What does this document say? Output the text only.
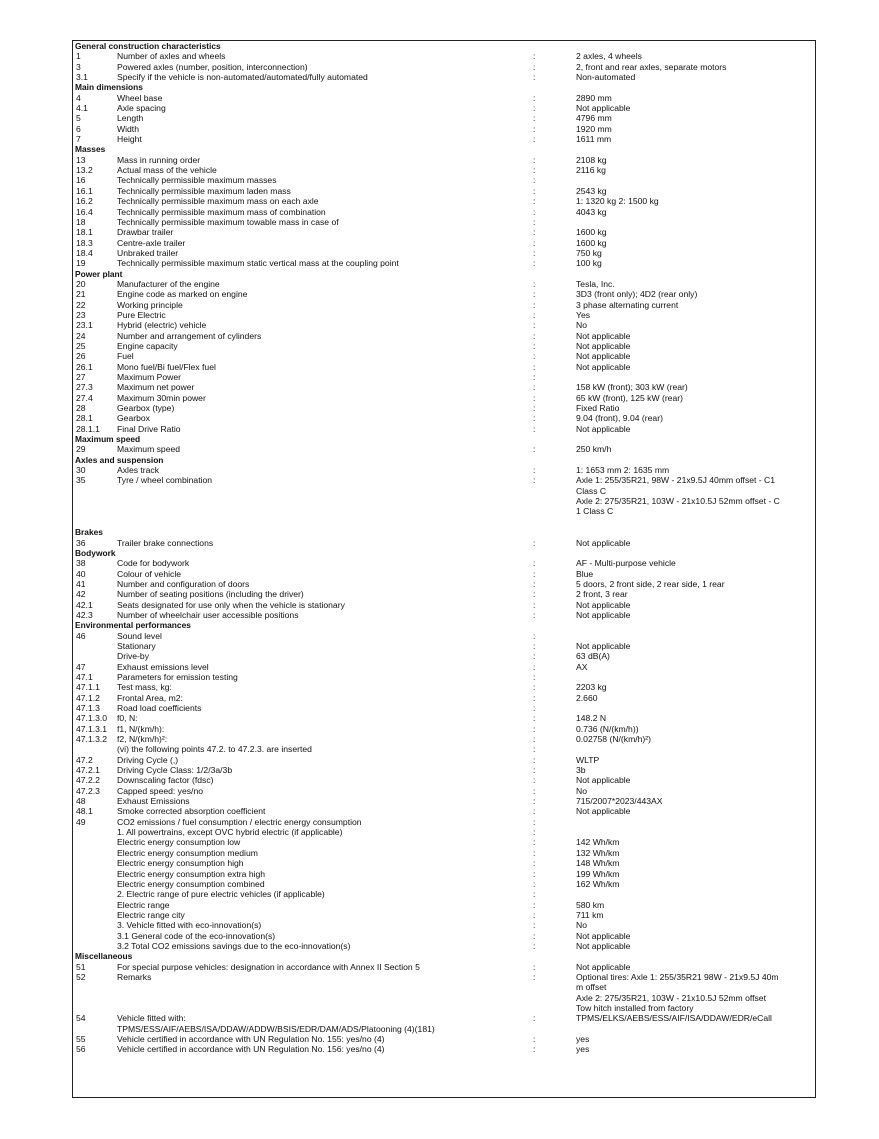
General construction characteristics
1	Number of axles and wheels	:	2 axles, 4 wheels
3	Powered axles (number, position, interconnection)	:	2, front and rear axles, separate motors
3.1	Specify if the vehicle is non-automated/automated/fully automated	:	Non-automated
Main dimensions
4	Wheel base	:	2890 mm
4.1	Axle spacing	:	Not applicable
5	Length	:	4796 mm
6	Width	:	1920 mm
7	Height	:	1611 mm
Masses
13	Mass in running order	:	2108 kg
13.2	Actual mass of the vehicle	:	2116 kg
16	Technically permissible maximum masses	:
16.1	Technically permissible maximum laden mass	:	2543 kg
16.2	Technically permissible maximum mass on each axle	:	1: 1320 kg 2: 1500 kg
16.4	Technically permissible maximum mass of combination	:	4043 kg
18	Technically permissible maximum towable mass in case of	:
18.1	Drawbar trailer	:	1600 kg
18.3	Centre-axle trailer	:	1600 kg
18.4	Unbraked trailer	:	750 kg
19	Technically permissible maximum static vertical mass at the coupling point	:	100 kg
Power plant
20	Manufacturer of the engine	:	Tesla, Inc.
21	Engine code as marked on engine	:	3D3 (front only); 4D2 (rear only)
22	Working principle	:	3 phase alternating current
23	Pure Electric	:	Yes
23.1	Hybrid (electric) vehicle	:	No
24	Number and arrangement of cylinders	:	Not applicable
25	Engine capacity	:	Not applicable
26	Fuel	:	Not applicable
26.1	Mono fuel/Bi fuel/Flex fuel	:	Not applicable
27	Maximum Power	:
27.3	Maximum net power	:	158 kW (front); 303 kW (rear)
27.4	Maximum 30min power	:	65 kW (front), 125 kW (rear)
28	Gearbox (type)	:	Fixed Ratio
28.1	Gearbox	:	9.04 (front), 9.04 (rear)
28.1.1 Final Drive Ratio	:	Not applicable
Maximum speed
29	Maximum speed	:	250 km/h
Axles and suspension
30	Axles track	:	1: 1653 mm 2: 1635 mm
35	Tyre / wheel combination	:	Axle 1: 255/35R21, 98W - 21x9.5J 40mm offset - C1
Class C
Axle 2: 275/35R21, 103W - 21x10.5J 52mm offset - C
1 Class C
Brakes
36	Trailer brake connections	:	Not applicable
Bodywork
38	Code for bodywork	:	AF - Multi-purpose vehicle
40	Colour of vehicle	:	Blue
41	Number and configuration of doors	:	5 doors, 2 front side, 2 rear side, 1 rear
42	Number of seating positions (including the driver)	:	2 front, 3 rear
42.1	Seats designated for use only when the vehicle is stationary	:	Not applicable
42.3	Number of wheelchair user accessible positions	:	Not applicable
Environmental performances
46	Sound level	:
Stationary	:	Not applicable
Drive-by	:	63 dB(A)
47	Exhaust emissions level	:	AX
47.1	Parameters for emission testing	:
47.1.1 Test mass, kg:	:	2203 kg
47.1.2 Frontal Area, m2:	:	2.660
47.1.3 Road load coefficients	:
47.1.3.0 f0, N:	:	148.2 N
47.1.3.1 f1, N/(km/h):	:	0.736 (N/(km/h))
47.1.3.2 f2, N/(km/h)²:	:	0.02758 (N/(km/h)²)
(vi) the following points 47.2. to 47.2.3. are inserted	:
47.2	Driving Cycle (,)	:	WLTP
47.2.1 Driving Cycle Class: 1/2/3a/3b	:	3b
47.2.2 Downscaling factor (fdsc)	:	Not applicable
47.2.3 Capped speed: yes/no	:	No
48	Exhaust Emissions	:	715/2007*2023/443AX
48.1	Smoke corrected absorption coefficient	:	Not applicable
49	CO2 emissions / fuel consumption / electric energy consumption	:
1. All powertrains, except OVC hybrid electric (if applicable)	:
Electric energy consumption low	:	142 Wh/km
Electric energy consumption medium	:	132 Wh/km
Electric energy consumption high	:	148 Wh/km
Electric energy consumption extra high	:	199 Wh/km
Electric energy consumption combined	:	162 Wh/km
2. Electric range of pure electric vehicles (if applicable)	:
Electric range	:	580 km
Electric range city	:	711 km
3. Vehicle fitted with eco-innovation(s)	:	No
3.1 General code of the eco-innovation(s)	:	Not applicable
3.2 Total CO2 emissions savings due to the eco-innovation(s)	:	Not applicable
Miscellaneous
51	For special purpose vehicles: designation in accordance with Annex II Section 5	:	Not applicable
52	Remarks	:	Optional tires: Axle 1: 255/35R21 98W - 21x9.5J 40m
m offset
Axle 2: 275/35R21, 103W - 21x10.5J 52mm offset
Tow hitch installed from factory
54	Vehicle fitted with:	:	TPMS/ELKS/AEBS/ESS/AIF/ISA/DDAW/EDR/eCall
TPMS/ESS/AIF/AEBS/ISA/DDAW/ADDW/BSIS/EDR/DAM/ADS/Platooning (4)(181)
55	Vehicle certified in accordance with UN Regulation No. 155: yes/no (4)	:	yes
56	Vehicle certified in accordance with UN Regulation No. 156: yes/no (4)	:	yes
